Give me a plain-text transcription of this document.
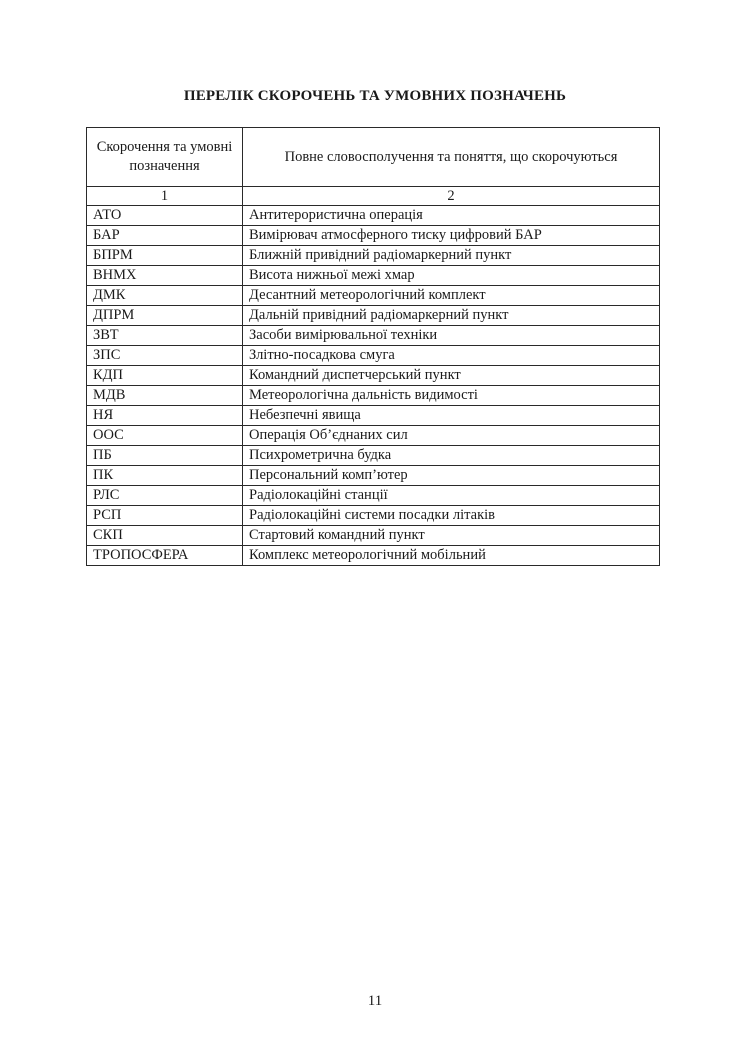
ПЕРЕЛІК СКОРОЧЕНЬ ТА УМОВНИХ ПОЗНАЧЕНЬ
Скорочення та умовні позначення	Повне словосполучення та поняття, що скорочуються
1	2
АТО	Антитерористична операція
БАР	Вимірювач атмосферного тиску цифровий БАР
БПРМ	Ближній привідний радіомаркерний пункт
ВНМХ	Висота нижньої межі хмар
ДМК	Десантний метеорологічний комплект
ДПРМ	Дальній привідний радіомаркерний пункт
ЗВТ	Засоби вимірювальної техніки
ЗПС	Злітно-посадкова смуга
КДП	Командний диспетчерський пункт
МДВ	Метеорологічна дальність видимості
НЯ	Небезпечні явища
ООС	Операція Об’єднаних сил
ПБ	Психрометрична будка
ПК	Персональний комп’ютер
РЛС	Радіолокаційні станції
РСП	Радіолокаційні системи посадки літаків
СКП	Стартовий командний пункт
ТРОПОСФЕРА	Комплекс метеорологічний мобільний
11
